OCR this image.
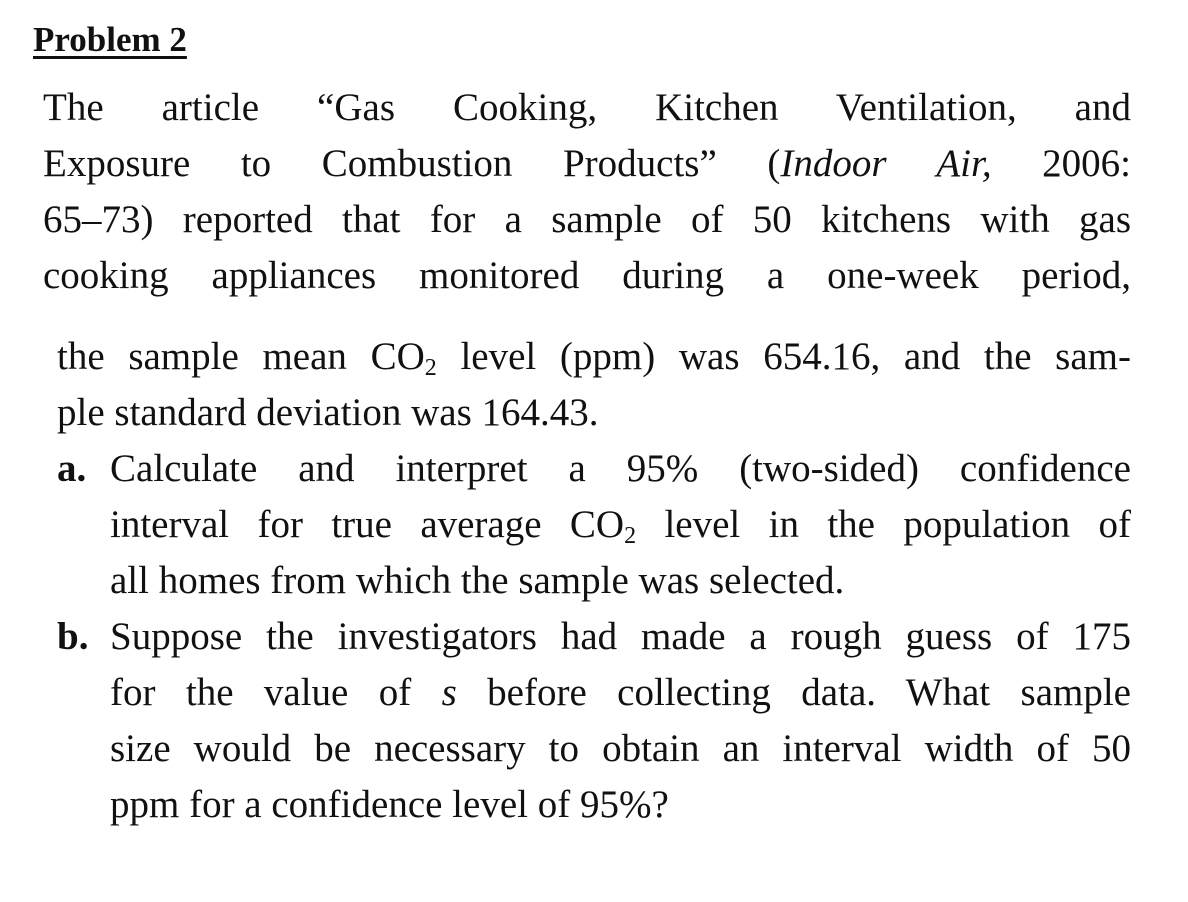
Problem 2
The article “Gas Cooking, Kitchen Ventilation, and
Exposure to Combustion Products” (Indoor Air, 2006:
65–73) reported that for a sample of 50 kitchens with gas
cooking appliances monitored during a one-week period,
the sample mean $CO_2$ level (ppm) was 654.16, and the sam-
ple standard deviation was 164.43.
a. Calculate and interpret a 95% (two-sided) confidence
interval for true average $CO_2$ level in the population of
all homes from which the sample was selected.
b. Suppose the investigators had made a rough guess of 175
for the value of s before collecting data. What sample
size would be necessary to obtain an interval width of 50
ppm for a confidence level of 95%?
